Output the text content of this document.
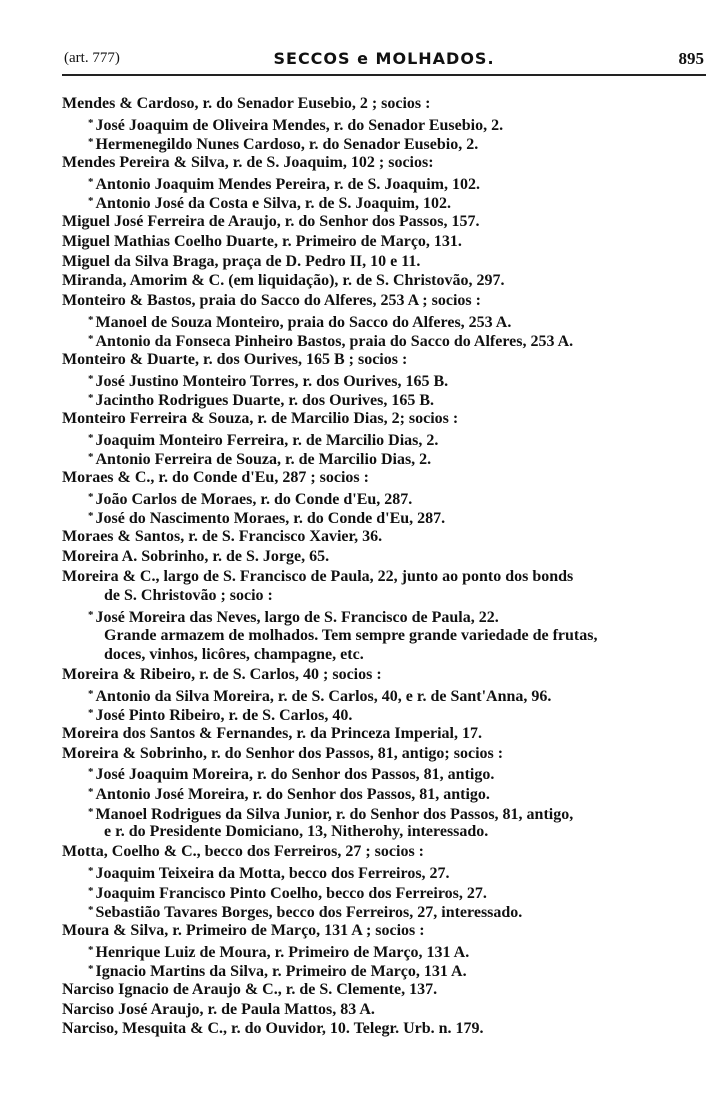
(art. 777)	SECCOS e MOLHADOS.	895
Mendes & Cardoso, r. do Senador Eusebio, 2 ; socios :
* José Joaquim de Oliveira Mendes, r. do Senador Eusebio, 2.
* Hermenegildo Nunes Cardoso, r. do Senador Eusebio, 2.
Mendes Pereira & Silva, r. de S. Joaquim, 102 ; socios:
* Antonio Joaquim Mendes Pereira, r. de S. Joaquim, 102.
* Antonio José da Costa e Silva, r. de S. Joaquim, 102.
Miguel José Ferreira de Araujo, r. do Senhor dos Passos, 157.
Miguel Mathias Coelho Duarte, r. Primeiro de Março, 131.
Miguel da Silva Braga, praça de D. Pedro II, 10 e 11.
Miranda, Amorim & C. (em liquidação), r. de S. Christovão, 297.
Monteiro & Bastos, praia do Sacco do Alferes, 253 A ; socios :
* Manoel de Souza Monteiro, praia do Sacco do Alferes, 253 A.
* Antonio da Fonseca Pinheiro Bastos, praia do Sacco do Alferes, 253 A.
Monteiro & Duarte, r. dos Ourives, 165 B ; socios :
* José Justino Monteiro Torres, r. dos Ourives, 165 B.
* Jacintho Rodrigues Duarte, r. dos Ourives, 165 B.
Monteiro Ferreira & Souza, r. de Marcilio Dias, 2; socios :
* Joaquim Monteiro Ferreira, r. de Marcilio Dias, 2.
* Antonio Ferreira de Souza, r. de Marcilio Dias, 2.
Moraes & C., r. do Conde d'Eu, 287 ; socios :
* João Carlos de Moraes, r. do Conde d'Eu, 287.
* José do Nascimento Moraes, r. do Conde d'Eu, 287.
Moraes & Santos, r. de S. Francisco Xavier, 36.
Moreira A. Sobrinho, r. de S. Jorge, 65.
Moreira & C., largo de S. Francisco de Paula, 22, junto ao ponto dos bonds
de S. Christovão ; socio :
* José Moreira das Neves, largo de S. Francisco de Paula, 22.
Grande armazem de molhados. Tem sempre grande variedade de frutas,
doces, vinhos, licôres, champagne, etc.
Moreira & Ribeiro, r. de S. Carlos, 40 ; socios :
* Antonio da Silva Moreira, r. de S. Carlos, 40, e r. de Sant'Anna, 96.
* José Pinto Ribeiro, r. de S. Carlos, 40.
Moreira dos Santos & Fernandes, r. da Princeza Imperial, 17.
Moreira & Sobrinho, r. do Senhor dos Passos, 81, antigo; socios :
* José Joaquim Moreira, r. do Senhor dos Passos, 81, antigo.
* Antonio José Moreira, r. do Senhor dos Passos, 81, antigo.
* Manoel Rodrigues da Silva Junior, r. do Senhor dos Passos, 81, antigo,
e r. do Presidente Domiciano, 13, Nitherohy, interessado.
Motta, Coelho & C., becco dos Ferreiros, 27 ; socios :
* Joaquim Teixeira da Motta, becco dos Ferreiros, 27.
* Joaquim Francisco Pinto Coelho, becco dos Ferreiros, 27.
* Sebastião Tavares Borges, becco dos Ferreiros, 27, interessado.
Moura & Silva, r. Primeiro de Março, 131 A ; socios :
* Henrique Luiz de Moura, r. Primeiro de Março, 131 A.
* Ignacio Martins da Silva, r. Primeiro de Março, 131 A.
Narciso Ignacio de Araujo & C., r. de S. Clemente, 137.
Narciso José Araujo, r. de Paula Mattos, 83 A.
Narciso, Mesquita & C., r. do Ouvidor, 10. Telegr. Urb. n. 179.
